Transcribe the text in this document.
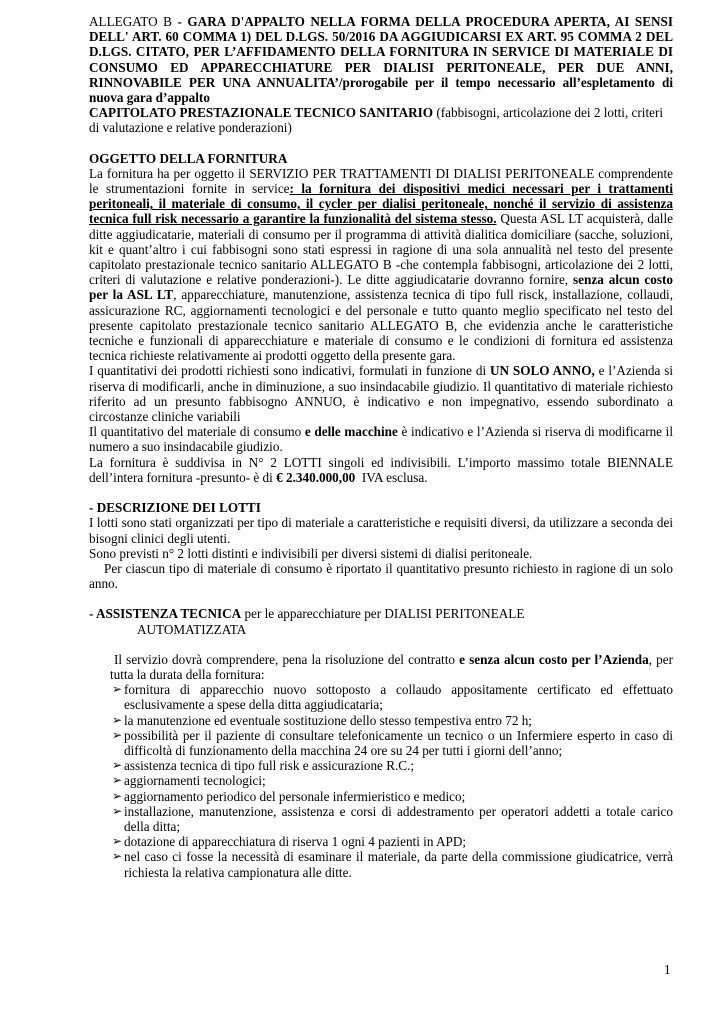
ALLEGATO B - GARA D'APPALTO NELLA FORMA DELLA PROCEDURA APERTA, AI SENSI DELL' ART. 60 COMMA 1) DEL D.LGS. 50/2016 DA AGGIUDICARSI EX ART. 95 COMMA 2 DEL D.LGS. CITATO, PER L’AFFIDAMENTO DELLA FORNITURA IN SERVICE DI MATERIALE DI CONSUMO ED APPARECCHIATURE PER DIALISI PERITONEALE, PER DUE ANNI, RINNOVABILE PER UNA ANNUALITA’/prorogabile per il tempo necessario all’espletamento di nuova gara d’appalto

CAPITOLATO PRESTAZIONALE TECNICO SANITARIO (fabbisogni, articolazione dei 2 lotti, criteri di valutazione e relative ponderazioni)

OGGETTO DELLA FORNITURA

La fornitura ha per oggetto il SERVIZIO PER TRATTAMENTI DI DIALISI PERITONEALE comprendente le strumentazioni fornite in service: la fornitura dei dispositivi medici necessari per i trattamenti peritoneali, il materiale di consumo, il cycler per dialisi peritoneale, nonché il servizio di assistenza tecnica full risk necessario a garantire la funzionalità del sistema stesso. Questa ASL LT acquisterà, dalle ditte aggiudicatarie, materiali di consumo per il programma di attività dialitica domiciliare (sacche, soluzioni, kit e quant’altro i cui fabbisogni sono stati espressi in ragione di una sola annualità nel testo del presente capitolato prestazionale tecnico sanitario ALLEGATO B -che contempla fabbisogni, articolazione dei 2 lotti, criteri di valutazione e relative ponderazioni-). Le ditte aggiudicatarie dovranno fornire, senza alcun costo per la ASL LT, apparecchiature, manutenzione, assistenza tecnica di tipo full risck, installazione, collaudi, assicurazione RC, aggiornamenti tecnologici e del personale e tutto quanto meglio specificato nel testo del presente capitolato prestazionale tecnico sanitario ALLEGATO B, che evidenzia anche le caratteristiche tecniche e funzionali di apparecchiature e materiale di consumo e le condizioni di fornitura ed assistenza tecnica richieste relativamente ai prodotti oggetto della presente gara.

I quantitativi dei prodotti richiesti sono indicativi, formulati in funzione di UN SOLO ANNO, e l’Azienda si riserva di modificarli, anche in diminuzione, a suo insindacabile giudizio. Il quantitativo di materiale richiesto riferito ad un presunto fabbisogno ANNUO, è indicativo e non impegnativo, essendo subordinato a circostanze cliniche variabili

Il quantitativo del materiale di consumo e delle macchine è indicativo e l’Azienda si riserva di modificarne il numero a suo insindacabile giudizio.

La fornitura è suddivisa in N° 2 LOTTI singoli ed indivisibili. L’importo massimo totale BIENNALE dell’intera fornitura -presunto- è di € 2.340.000,00  IVA esclusa.

- DESCRIZIONE DEI LOTTI

I lotti sono stati organizzati per tipo di materiale a caratteristiche e requisiti diversi, da utilizzare a seconda dei bisogni clinici degli utenti.

Sono previsti n° 2 lotti distinti e indivisibili per diversi sistemi di dialisi peritoneale.

Per ciascun tipo di materiale di consumo è riportato il quantitativo presunto richiesto in ragione di un solo anno.

- ASSISTENZA TECNICA per le apparecchiature per DIALISI PERITONEALE

AUTOMATIZZATA

Il servizio dovrà comprendere, pena la risoluzione del contratto e senza alcun costo per l’Azienda, per tutta la durata della fornitura:

➢ fornitura di apparecchio nuovo sottoposto a collaudo appositamente certificato ed effettuato esclusivamente a spese della ditta aggiudicataria;
➢ la manutenzione ed eventuale sostituzione dello stesso tempestiva entro 72 h;
➢ possibilità per il paziente di consultare telefonicamente un tecnico o un Infermiere esperto in caso di difficoltà di funzionamento della macchina 24 ore su 24 per tutti i giorni dell’anno;
➢ assistenza tecnica di tipo full risk e assicurazione R.C.;
➢ aggiornamenti tecnologici;
➢ aggiornamento periodico del personale infermieristico e medico;
➢ installazione, manutenzione, assistenza e corsi di addestramento per operatori addetti a totale carico della ditta;
➢ dotazione di apparecchiatura di riserva 1 ogni 4 pazienti in APD;
➢ nel caso ci fosse la necessità di esaminare il materiale, da parte della commissione giudicatrice, verrà richiesta la relativa campionatura alle ditte.
1
